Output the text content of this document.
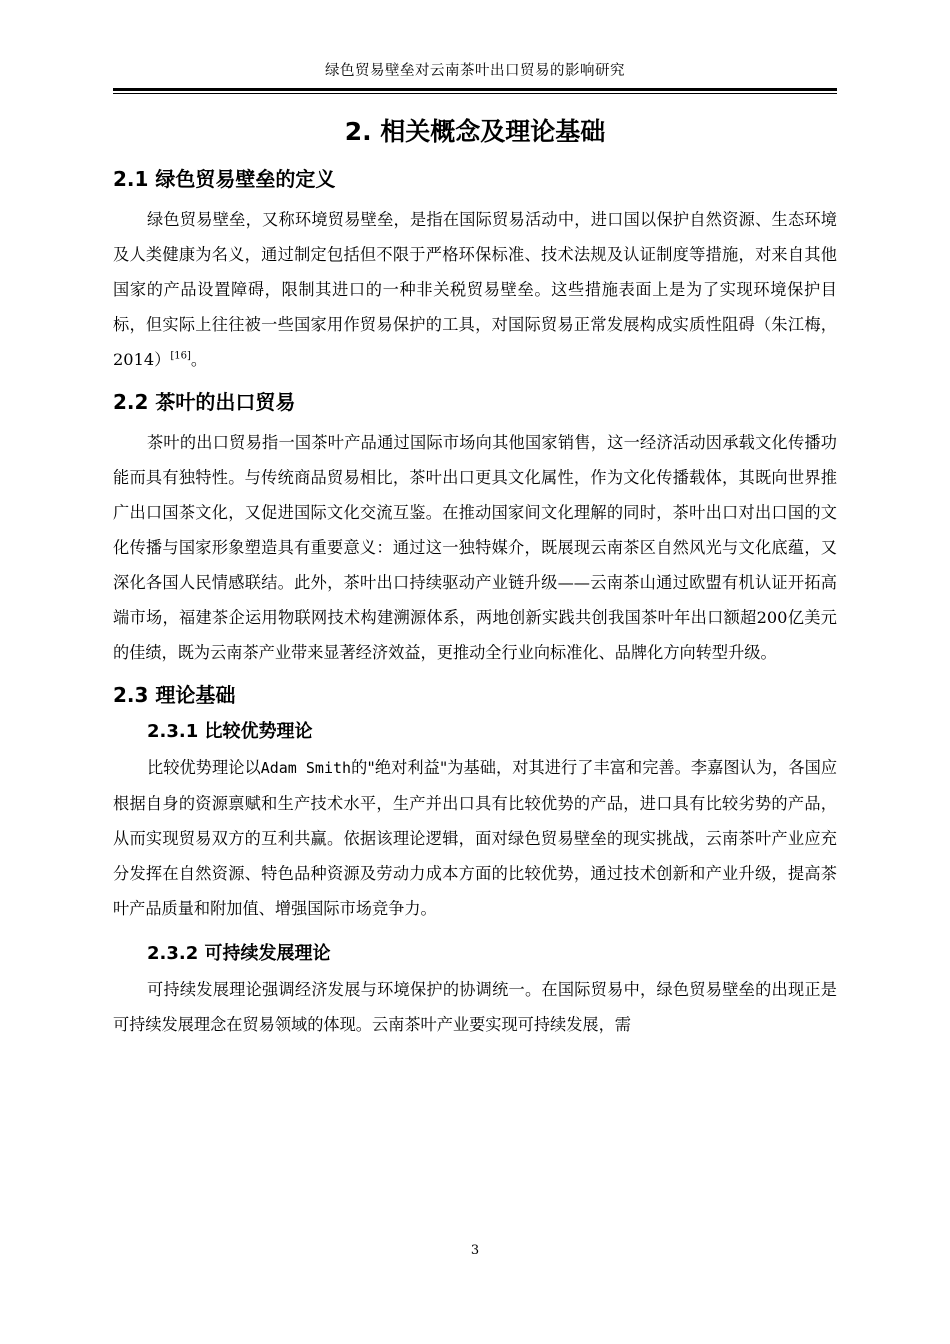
绿色贸易壁垒对云南茶叶出口贸易的影响研究
2. 相关概念及理论基础
2.1 绿色贸易壁垒的定义

绿色贸易壁垒，又称环境贸易壁垒，是指在国际贸易活动中，进口国以保护自然资源、生态环境及人类健康为名义，通过制定包括但不限于严格环保标准、技术法规及认证制度等措施，对来自其他国家的产品设置障碍，限制其进口的一种非关税贸易壁垒。这些措施表面上是为了实现环境保护目标，但实际上往往被一些国家用作贸易保护的工具，对国际贸易正常发展构成实质性阻碍（朱江梅，2014）[16]。

2.2 茶叶的出口贸易

茶叶的出口贸易指一国茶叶产品通过国际市场向其他国家销售，这一经济活动因承载文化传播功能而具有独特性。与传统商品贸易相比，茶叶出口更具文化属性，作为文化传播载体，其既向世界推广出口国茶文化，又促进国际文化交流互鉴。在推动国家间文化理解的同时，茶叶出口对出口国的文化传播与国家形象塑造具有重要意义：通过这一独特媒介，既展现云南茶区自然风光与文化底蕴，又深化各国人民情感联结。此外，茶叶出口持续驱动产业链升级——云南茶山通过欧盟有机认证开拓高端市场，福建茶企运用物联网技术构建溯源体系，两地创新实践共创我国茶叶年出口额超200亿美元的佳绩，既为云南茶产业带来显著经济效益，更推动全行业向标准化、品牌化方向转型升级。

2.3 理论基础
2.3.1 比较优势理论

比较优势理论以Adam Smith的"绝对利益"为基础，对其进行了丰富和完善。李嘉图认为，各国应根据自身的资源禀赋和生产技术水平，生产并出口具有比较优势的产品，进口具有比较劣势的产品，从而实现贸易双方的互利共赢。依据该理论逻辑，面对绿色贸易壁垒的现实挑战，云南茶叶产业应充分发挥在自然资源、特色品种资源及劳动力成本方面的比较优势，通过技术创新和产业升级，提高茶叶产品质量和附加值、增强国际市场竞争力。

2.3.2 可持续发展理论

可持续发展理论强调经济发展与环境保护的协调统一。在国际贸易中，绿色贸易壁垒的出现正是可持续发展理念在贸易领域的体现。云南茶叶产业要实现可持续发展，需

3
